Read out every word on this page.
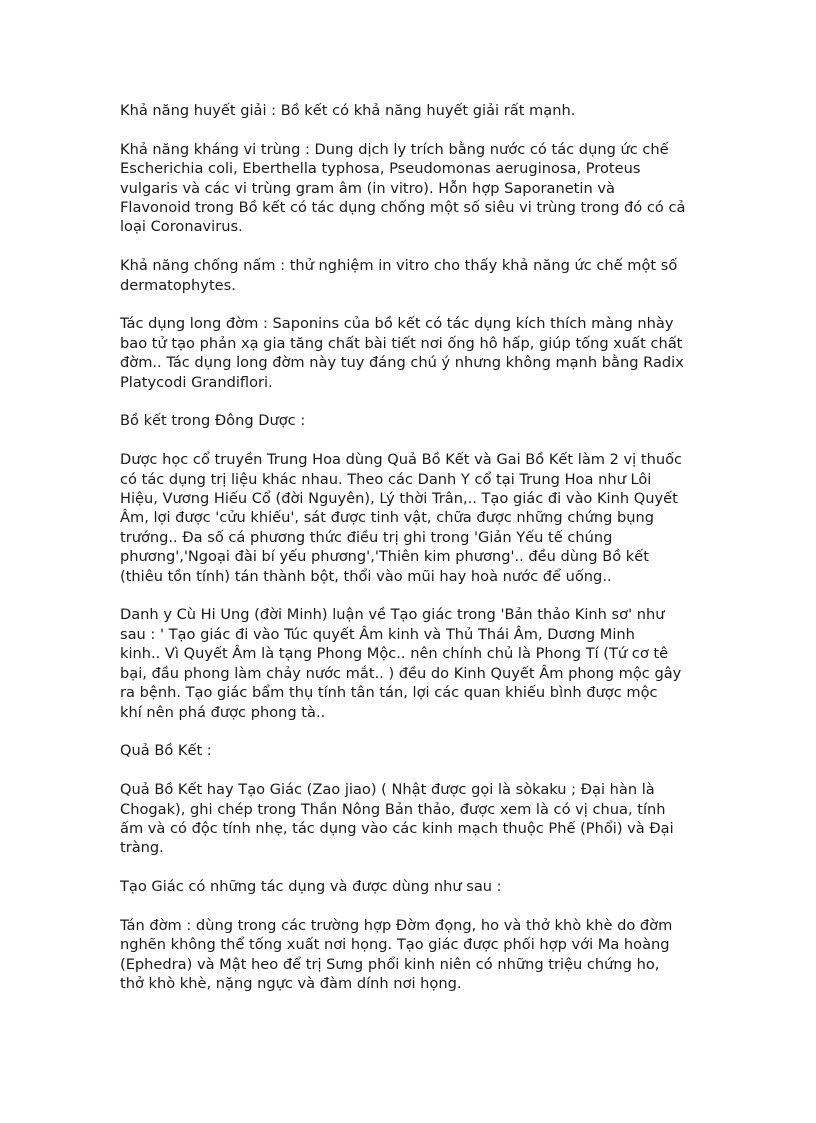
Khả năng huyết giải : Bồ kết có khả năng huyết giải rất mạnh.

Khả năng kháng vi trùng : Dung dịch ly trích bằng nước có tác dụng ức chế
Escherichia coli, Eberthella typhosa, Pseudomonas aeruginosa, Proteus
vulgaris và các vi trùng gram âm (in vitro). Hỗn hợp Saporanetin và
Flavonoid trong Bồ kết có tác dụng chống một số siêu vi trùng trong đó có cả
loại Coronavirus.

Khả năng chống nấm : thử nghiệm in vitro cho thấy khả năng ức chế một số
dermatophytes.

Tác dụng long đờm : Saponins của bồ kết có tác dụng kích thích màng nhày
bao tử tạo phản xạ gia tăng chất bài tiết nơi ống hô hấp, giúp tống xuất chất
đờm.. Tác dụng long đờm này tuy đáng chú ý nhưng không mạnh bằng Radix
Platycodi Grandiflori.

Bồ kết trong Đông Dược :

Dược học cổ truyền Trung Hoa dùng Quả Bồ Kết và Gai Bồ Kết làm 2 vị thuốc
có tác dụng trị liệu khác nhau. Theo các Danh Y cổ tại Trung Hoa như Lôi
Hiệu, Vương Hiếu Cổ (đời Nguyên), Lý thời Trân,.. Tạo giác đi vào Kinh Quyết
Âm, lợi được 'cửu khiếu', sát được tinh vật, chữa được những chứng bụng
trướng.. Đa số cá phương thức điều trị ghi trong 'Giản Yếu tế chúng
phương','Ngoại đài bí yếu phương','Thiên kim phương'.. đều dùng Bồ kết
(thiêu tồn tính) tán thành bột, thổi vào mũi hay hoà nước để uống..

Danh y Cù Hi Ung (đời Minh) luận về Tạo giác trong 'Bản thảo Kinh sơ' như
sau : ' Tạo giác đi vào Túc quyết Âm kinh và Thủ Thái Âm, Dương Minh
kinh.. Vì Quyết Âm là tạng Phong Mộc.. nên chính chủ là Phong Tí (Tứ cơ tê
bại, đầu phong làm chảy nước mắt.. ) đều do Kinh Quyết Âm phong mộc gây
ra bệnh. Tạo giác bẩm thụ tính tân tán, lợi các quan khiếu bình được mộc
khí nên phá được phong tà..

Quả Bồ Kết :

Quả Bồ Kết hay Tạo Giác (Zao jiao) ( Nhật được gọi là sòkaku ; Đại hàn là
Chogak), ghi chép trong Thần Nông Bản thảo, được xem là có vị chua, tính
ấm và có độc tính nhẹ, tác dụng vào các kinh mạch thuộc Phế (Phổi) và Đại
tràng.

Tạo Giác có những tác dụng và được dùng như sau :

Tán đờm : dùng trong các trường hợp Đờm đọng, ho và thở khò khè do đờm
nghẽn không thể tống xuất nơi họng. Tạo giác được phối hợp với Ma hoàng
(Ephedra) và Mật heo để trị Sưng phổi kinh niên có những triệu chứng ho,
thở khò khè, nặng ngực và đàm dính nơi họng.
